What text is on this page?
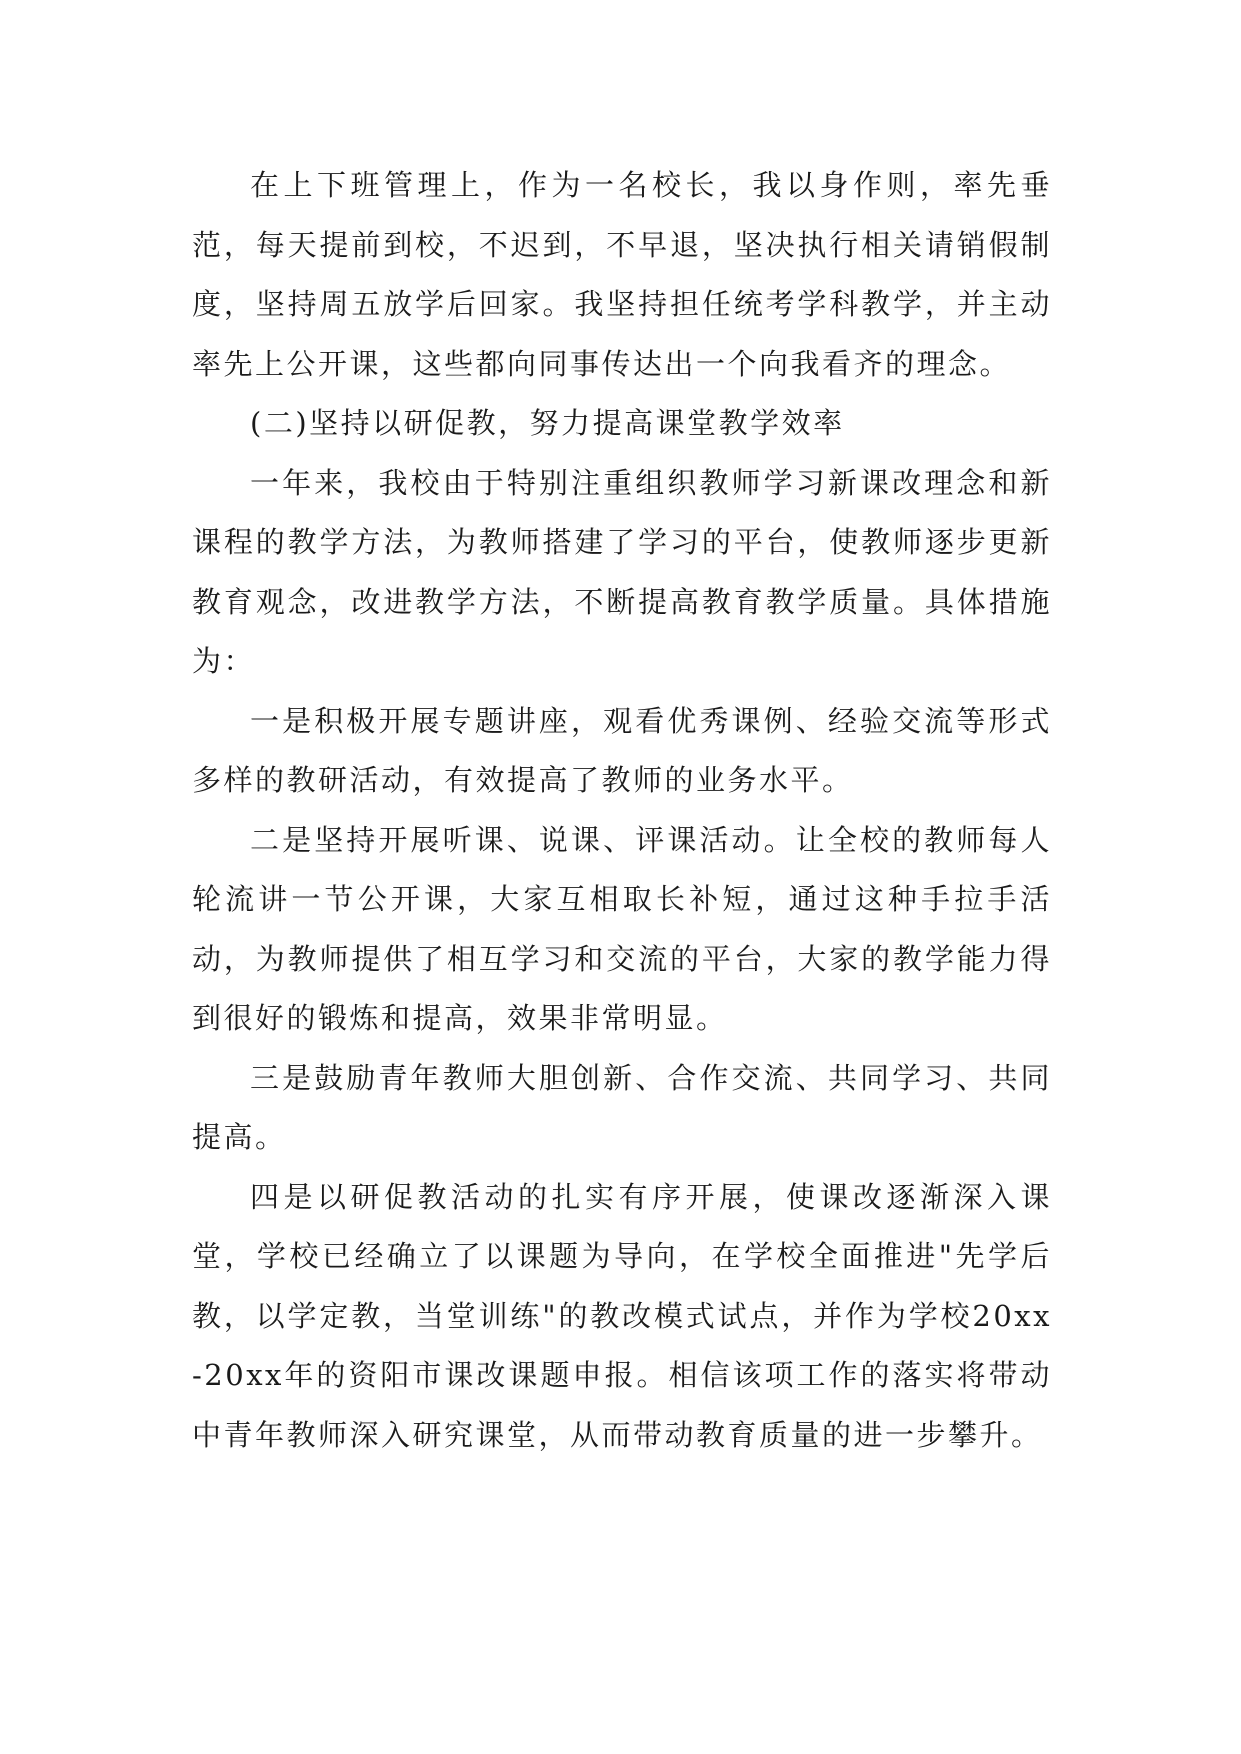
在上下班管理上，作为一名校长，我以身作则，率先垂范，每天提前到校，不迟到，不早退，坚决执行相关请销假制度，坚持周五放学后回家。我坚持担任统考学科教学，并主动率先上公开课，这些都向同事传达出一个向我看齐的理念。

(二)坚持以研促教，努力提高课堂教学效率

一年来，我校由于特别注重组织教师学习新课改理念和新课程的教学方法，为教师搭建了学习的平台，使教师逐步更新教育观念，改进教学方法，不断提高教育教学质量。具体措施为：

一是积极开展专题讲座，观看优秀课例、经验交流等形式多样的教研活动，有效提高了教师的业务水平。

二是坚持开展听课、说课、评课活动。让全校的教师每人轮流讲一节公开课，大家互相取长补短，通过这种手拉手活动，为教师提供了相互学习和交流的平台，大家的教学能力得到很好的锻炼和提高，效果非常明显。

三是鼓励青年教师大胆创新、合作交流、共同学习、共同提高。

四是以研促教活动的扎实有序开展，使课改逐渐深入课堂，学校已经确立了以课题为导向，在学校全面推进"先学后教，以学定教，当堂训练"的教改模式试点，并作为学校20xx-20xx年的资阳市课改课题申报。相信该项工作的落实将带动中青年教师深入研究课堂，从而带动教育质量的进一步攀升。
